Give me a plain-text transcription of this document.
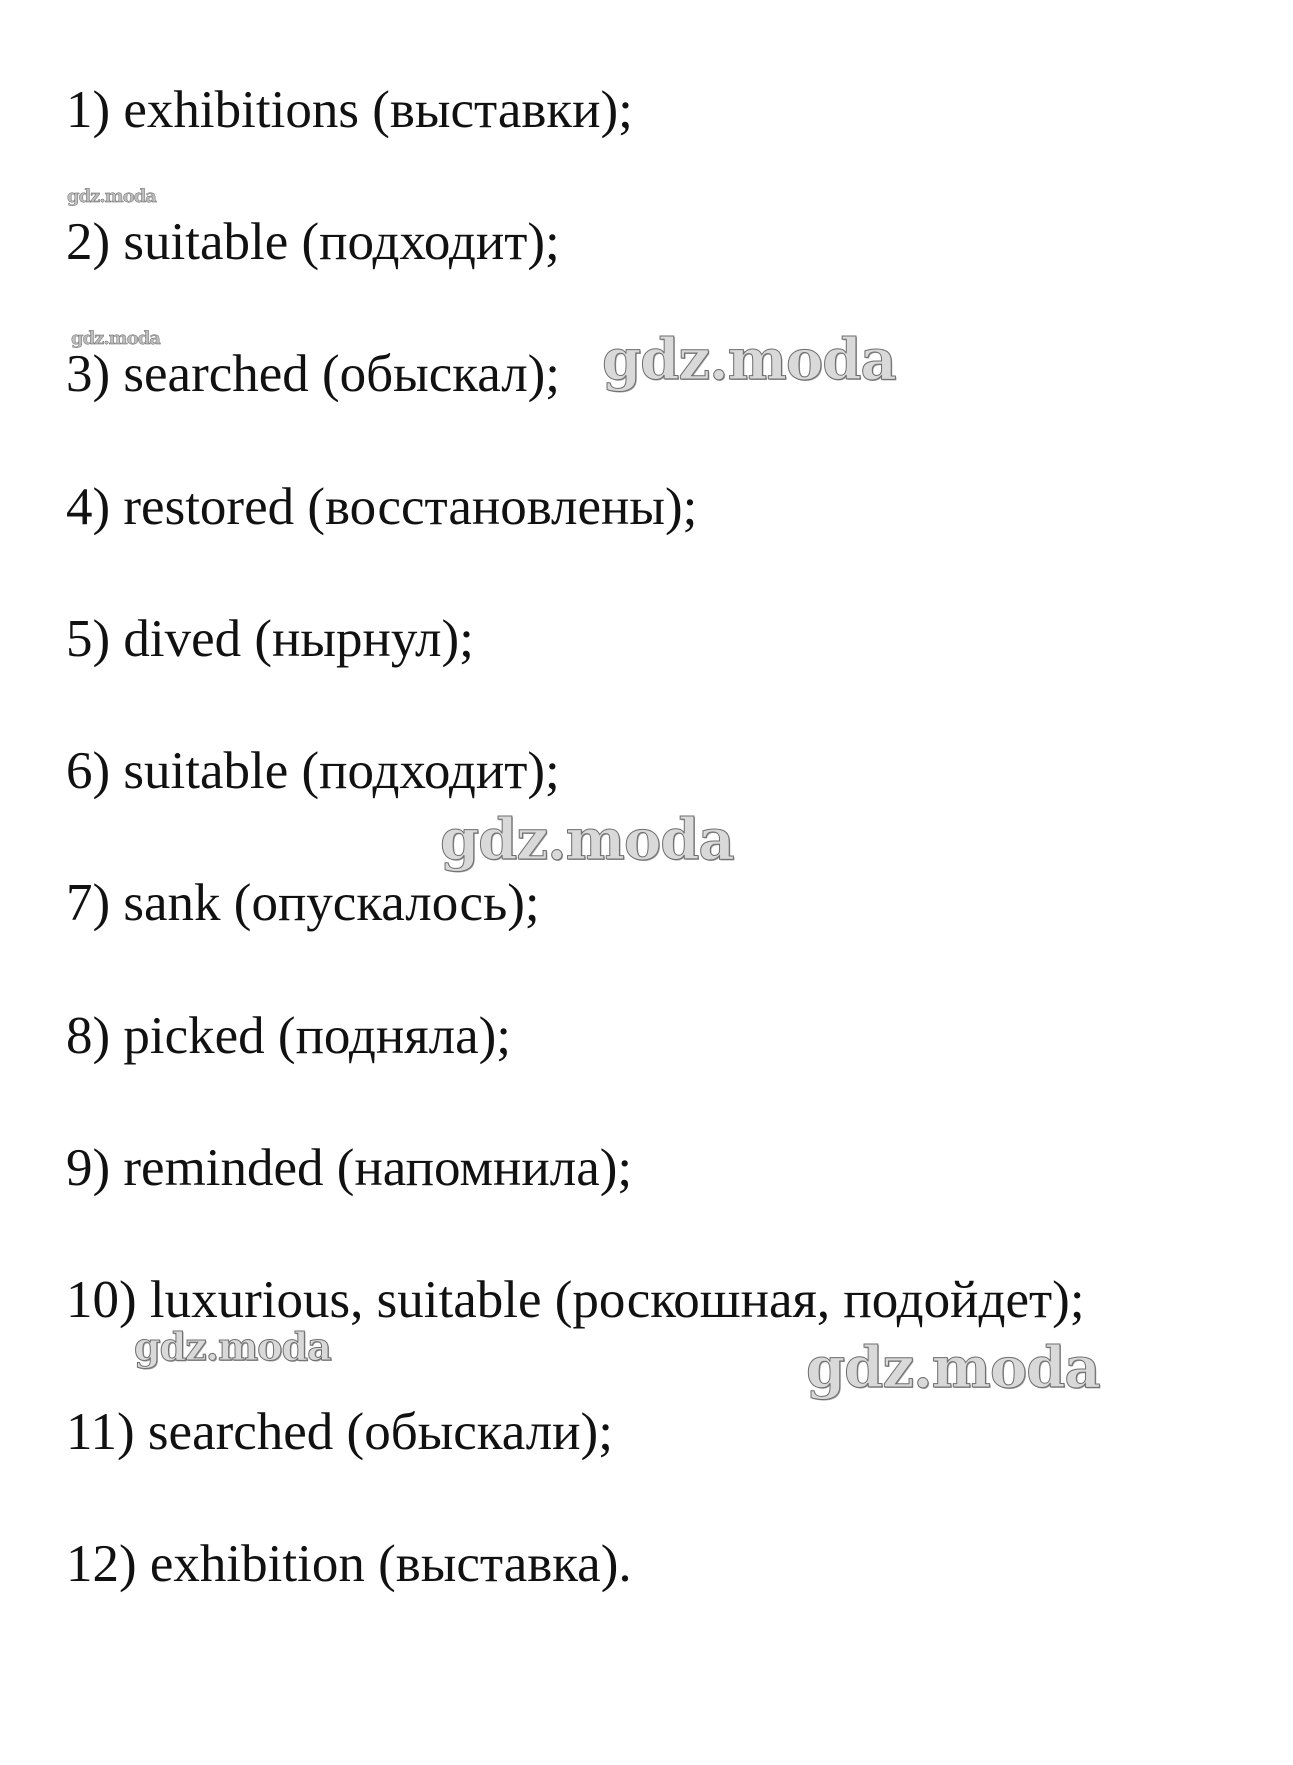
1) exhibitions (выставки);
2) suitable (подходит);
3) searched (обыскал);
4) restored (восстановлены);
5) dived (нырнул);
6) suitable (подходит);
7) sank (опускалось);
8) picked (подняла);
9) reminded (напомнила);
10) luxurious, suitable (роскошная, подойдет);
11) searched (обыскали);
12) exhibition (выставка).
gdz.moda
gdz.moda	gdz.moda
gdz.moda
gdz.moda	gdz.moda
